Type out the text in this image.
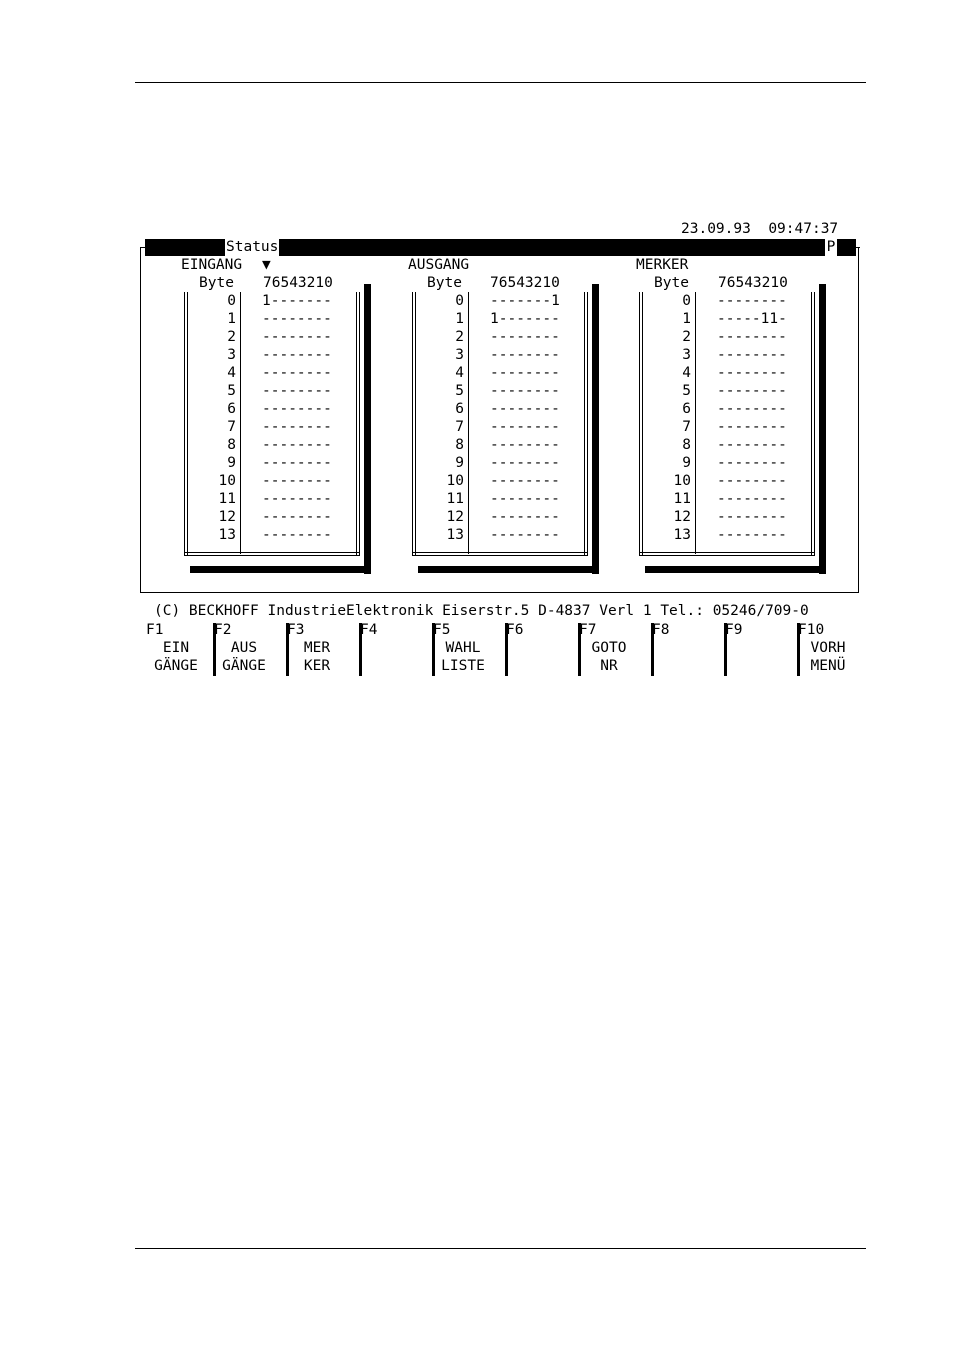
23.09.93 09:47:37
Status	P
EINGANG ▼
Byte 76543210
0 1-------
1 --------
2 --------
3 --------
4 --------
5 --------
6 --------
7 --------
8 --------
9 --------
10 --------
11 --------
12 --------
13 --------
AUSGANG
Byte 76543210
0 -------1
1 1-------
2 --------
3 --------
4 --------
5 --------
6 --------
7 --------
8 --------
9 --------
10 --------
11 --------
12 --------
13 --------
MERKER
Byte 76543210
0 --------
1 -----11-
2 --------
3 --------
4 --------
5 --------
6 --------
7 --------
8 --------
9 --------
10 --------
11 --------
12 --------
13 --------
(C) BECKHOFF IndustrieElektronik Eiserstr.5 D-4837 Verl 1 Tel.: 05246/709-0
F1
EIN
GÄNGE
F2
AUS
GÄNGE
F3
MER
KER
F4	F5
WAHL
LISTE
F6	F7
GOTO
NR
F8	F9	F10
VORH
MENÜ
